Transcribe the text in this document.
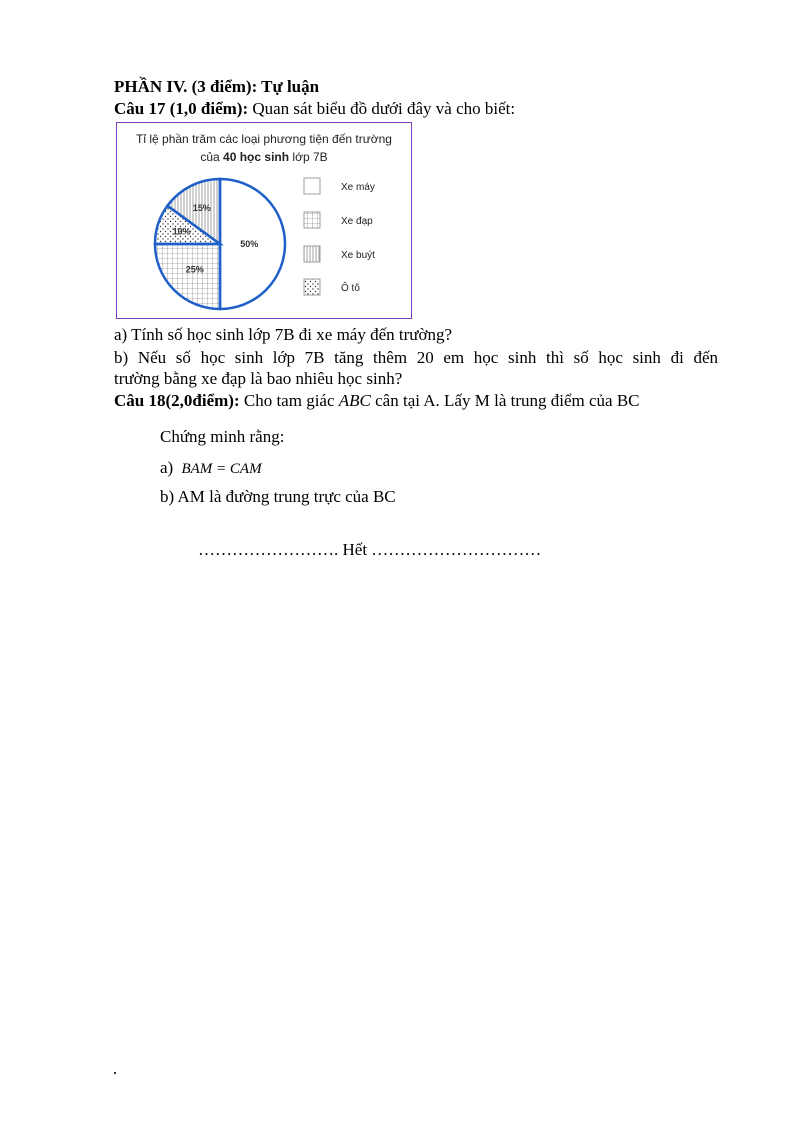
PHẦN IV. (3 điểm): Tự luận
Câu 17 (1,0 điểm): Quan sát biểu đồ dưới đây và cho biết:
Tỉ lệ phần trăm các loại phương tiện đến trường
của 40 học sinh lớp 7B
50%
25%
10%
15%
Xe máy
Xe đạp
Xe buýt
Ô tô
a) Tính số học sinh lớp 7B đi xe máy đến trường?
b) Nếu số học sinh lớp 7B tăng thêm 20 em học sinh thì số học sinh đi đến
trường bằng xe đạp là bao nhiêu học sinh?
Câu 18(2,0điểm): Cho tam giác ABC cân tại A. Lấy M là trung điểm của BC
Chứng minh rằng:
a) BAM = CAM
b) AM là đường trung trực của BC
……………………. Hết …………………………
